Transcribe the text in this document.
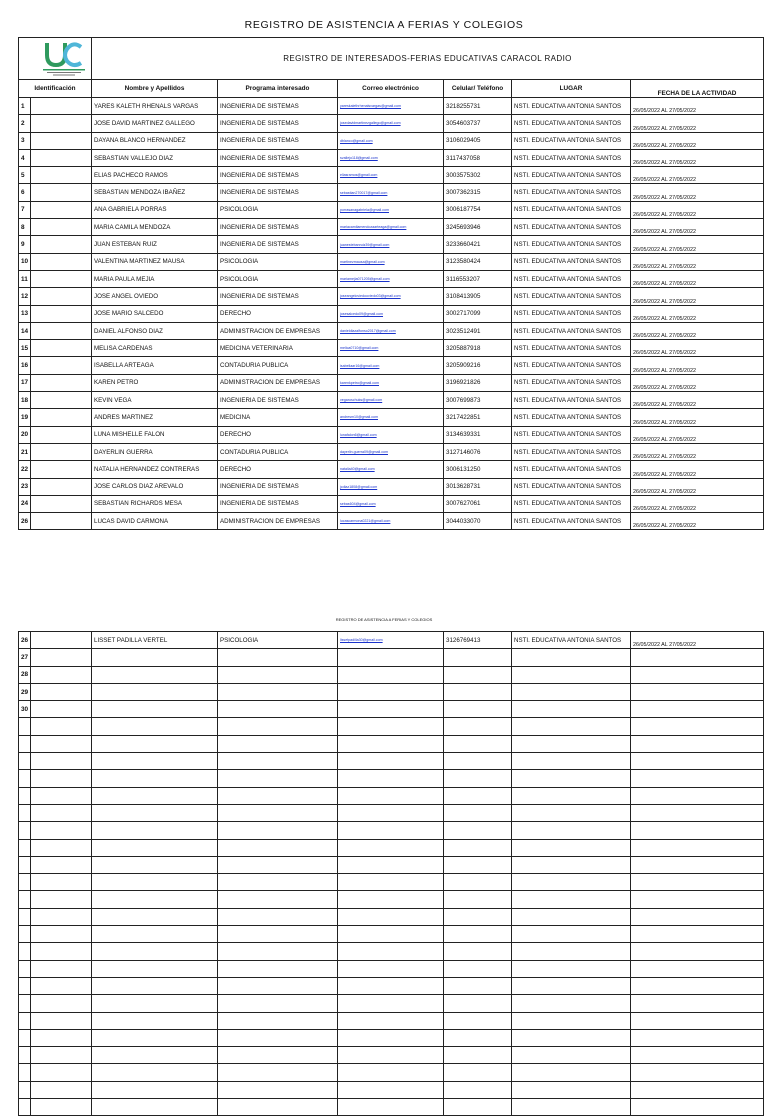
REGISTRO DE ASISTENCIA A FERIAS Y COLEGIOS
	REGISTRO DE INTERESADOS-FERIAS EDUCATIVAS CARACOL RADIO					
Identificación		Nombre y Apellidos	Programa interesado	Correo electrónico	Celular/ Teléfono	LUGAR	FECHA DE LA ACTIVIDAD
1		YARES KALETH RHENALS VARGAS	INGENIERIA DE SISTEMAS	yareskalethrhenalsvargas@gmail.com	3218255731	NSTI. EDUCATIVA ANTONIA SANTOS	26/05/2022 AL 27/05/2022
2		JOSE DAVID MARTINEZ GALLEGO	INGENIERIA DE SISTEMAS	josedavidmartinezgallego@gmail.com	3054603737	NSTI. EDUCATIVA ANTONIA SANTOS	26/05/2022 AL 27/05/2022
3		DAYANA BLANCO HERNANDEZ	INGENIERIA DE SISTEMAS	dblanco@gmail.com	3106029405	NSTI. EDUCATIVA ANTONIA SANTOS	26/05/2022 AL 27/05/2022
4		SEBASTIAN VALLEJO DIAZ	INGENIERIA DE SISTEMAS	svallejo118@gmail.com	3117437058	NSTI. EDUCATIVA ANTONIA SANTOS	26/05/2022 AL 27/05/2022
5		ELIAS PACHECO RAMOS	INGENIERIA DE SISTEMAS	eliasramos@gmail.com	3003575302	NSTI. EDUCATIVA ANTONIA SANTOS	26/05/2022 AL 27/05/2022
6		SEBASTIAN MENDOZA IBAÑEZ	INGENIERIA DE SISTEMAS	sebastian270017@gmail.com	3007362315	NSTI. EDUCATIVA ANTONIA SANTOS	26/05/2022 AL 27/05/2022
7		ANA GABRIELA PORRAS	PSICOLOGIA	porrasanagabriela@gmail.com	3006187754	NSTI. EDUCATIVA ANTONIA SANTOS	26/05/2022 AL 27/05/2022
8		MARIA CAMILA MENDOZA	INGENIERIA DE SISTEMAS	mariacamilamendozaarteaga@gmail.com	3245693946	NSTI. EDUCATIVA ANTONIA SANTOS	26/05/2022 AL 27/05/2022
9		JUAN ESTEBAN RUIZ	INGENIERIA DE SISTEMAS	juanestebanruiz39@gmail.com	3233660421	NSTI. EDUCATIVA ANTONIA SANTOS	26/05/2022 AL 27/05/2022
10		VALENTINA MARTINEZ MAUSA	PSICOLOGIA	martinezmausa@gmail.com	3123580424	NSTI. EDUCATIVA ANTONIA SANTOS	26/05/2022 AL 27/05/2022
11		MARIA PAULA MEJIA	PSICOLOGIA	mariamejia071205@gmail.com	3116553207	NSTI. EDUCATIVA ANTONIA SANTOS	26/05/2022 AL 27/05/2022
12		JOSE ANGEL OVIEDO	INGENIERIA DE SISTEMAS	joseangeloviedooviedo03@gmail.com	3108413905	NSTI. EDUCATIVA ANTONIA SANTOS	26/05/2022 AL 27/05/2022
13		JOSE MARIO SALCEDO	DERECHO	josesalcedo09@gmail.com	3002717099	NSTI. EDUCATIVA ANTONIA SANTOS	26/05/2022 AL 27/05/2022
14		DANIEL ALFONSO DIAZ	ADMINISTRACION DE EMPRESAS	danieldiazalfonso2017@gmail.com	3023512491	NSTI. EDUCATIVA ANTONIA SANTOS	26/05/2022 AL 27/05/2022
15		MELISA CARDENAS	MEDICINA VETERINARIA	melica0710@gmail.com	3205887918	NSTI. EDUCATIVA ANTONIA SANTOS	26/05/2022 AL 27/05/2022
16		ISABELLA ARTEAGA	CONTADURIA PUBLICA	isabellaar16@gmail.com	3205909216	NSTI. EDUCATIVA ANTONIA SANTOS	26/05/2022 AL 27/05/2022
17		KAREN PETRO	ADMINISTRACION DE EMPRESAS	karenkpetro@gmail.com	3196921826	NSTI. EDUCATIVA ANTONIA SANTOS	26/05/2022 AL 27/05/2022
18		KEVIN VEGA	INGENIERIA DE SISTEMAS	vegaroschuks@gmail.com	3007699873	NSTI. EDUCATIVA ANTONIA SANTOS	26/05/2022 AL 27/05/2022
19		ANDRES MARTINEZ	MEDICINA	andresm10@gmail.com	3217422851	NSTI. EDUCATIVA ANTONIA SANTOS	26/05/2022 AL 27/05/2022
20		LUNA MISHELLE FALON	DERECHO	lunafalon6@gmail.com	3134639331	NSTI. EDUCATIVA ANTONIA SANTOS	26/05/2022 AL 27/05/2022
21		DAYERLIN GUERRA	CONTADURIA PUBLICA	dayerlin.guerra09@gmail.com	3127146076	NSTI. EDUCATIVA ANTONIA SANTOS	26/05/2022 AL 27/05/2022
22		NATALIA HERNANDEZ CONTRERAS	DERECHO	natalia40@gmail.com	3006131250	NSTI. EDUCATIVA ANTONIA SANTOS	26/05/2022 AL 27/05/2022
23		JOSE CARLOS DIAZ AREVALO	INGENIERIA DE SISTEMAS	jcdiaz1808@gmail.com	3013628731	NSTI. EDUCATIVA ANTONIA SANTOS	26/05/2022 AL 27/05/2022
24		SEBASTIAN RICHARDS MESA	INGENIERIA DE SISTEMAS	sebas604@gmail.com	3007627061	NSTI. EDUCATIVA ANTONIA SANTOS	26/05/2022 AL 27/05/2022
26		LUCAS DAVID CARMONA	ADMINISTRACION DE EMPRESAS	lucascarmona0221@gmail.com	3044033070	NSTI. EDUCATIVA ANTONIA SANTOS	26/05/2022 AL 27/05/2022
REGISTRO DE ASISTENCIA A FERIAS Y COLEGIOS
26		LISSET PADILLA VERTEL	PSICOLOGIA	lissetpadilla30@gmail.com	3126769413	NSTI. EDUCATIVA ANTONIA SANTOS	26/05/2022 AL 27/05/2022
27							
28							
29							
30							
